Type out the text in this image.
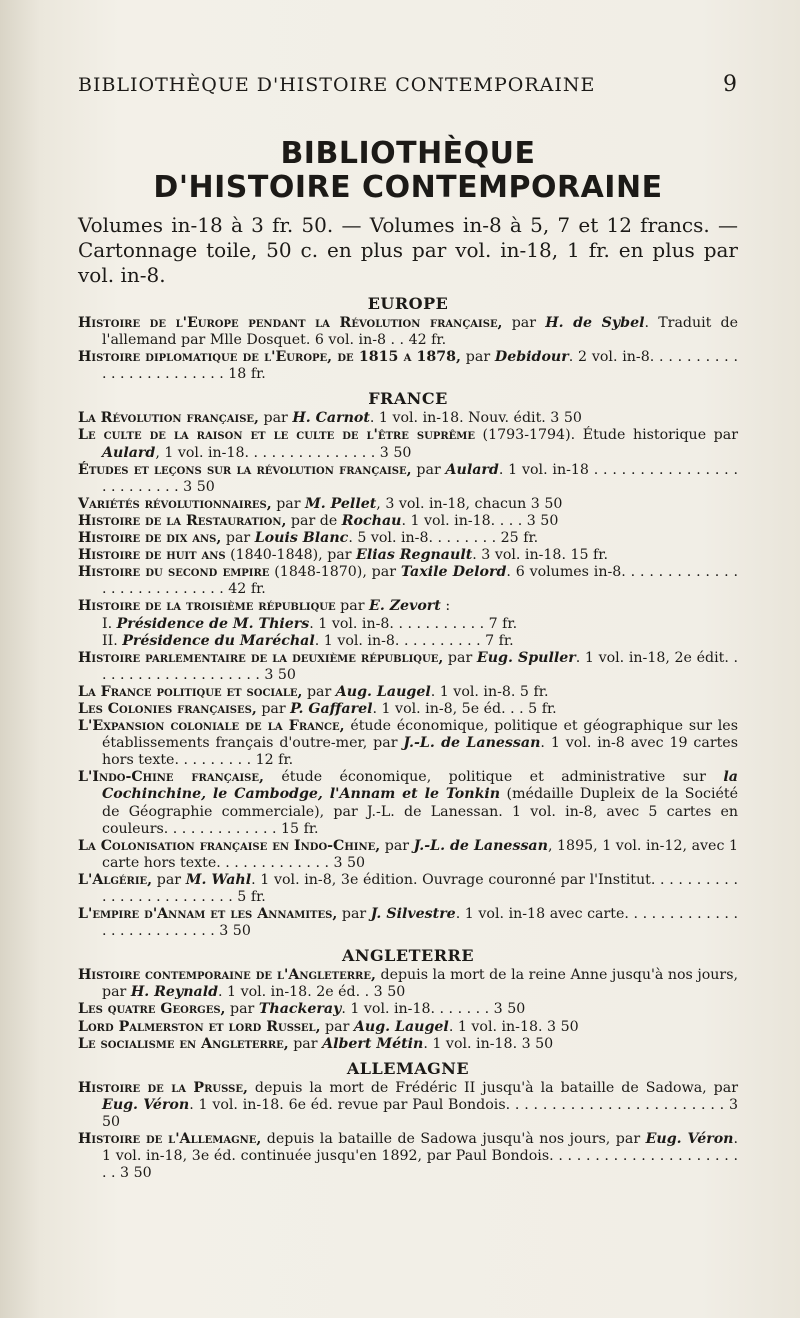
BIBLIOTHÈQUE D'HISTOIRE CONTEMPORAINE	9
BIBLIOTHÈQUE
D'HISTOIRE CONTEMPORAINE
Volumes in-18 à 3 fr. 50. — Volumes in-8 à 5, 7 et 12 francs. — Cartonnage toile, 50 c. en plus par vol. in-18, 1 fr. en plus par vol. in-8.
EUROPE
Histoire de l'Europe pendant la Révolution française, par H. de Sybel. Traduit de l'allemand par Mlle Dosquet. 6 vol. in-8 . . 42 fr.
Histoire diplomatique de l'Europe, de 1815 a 1878, par Debidour. 2 vol. in-8. . . . . . . . . . . . . . . . . . . . . . . . 18 fr.
FRANCE
La Révolution française, par H. Carnot. 1 vol. in-18. Nouv. édit. 3 50
Le culte de la raison et le culte de l'être suprême (1793-1794). Étude historique par Aulard, 1 vol. in-18. . . . . . . . . . . . . . . 3 50
Études et leçons sur la révolution française, par Aulard. 1 vol. in-18 . . . . . . . . . . . . . . . . . . . . . . . . . 3 50
Variétés révolutionnaires, par M. Pellet, 3 vol. in-18, chacun 3 50
Histoire de la Restauration, par de Rochau. 1 vol. in-18. . . . 3 50
Histoire de dix ans, par Louis Blanc. 5 vol. in-8. . . . . . . . 25 fr.
Histoire de huit ans (1840-1848), par Elias Regnault. 3 vol. in-18. 15 fr.
Histoire du second empire (1848-1870), par Taxile Delord. 6 volumes in-8. . . . . . . . . . . . . . . . . . . . . . . . . . . 42 fr.
Histoire de la troisième république par E. Zevort :
I. Présidence de M. Thiers. 1 vol. in-8. . . . . . . . . . . 7 fr.
II. Présidence du Maréchal. 1 vol. in-8. . . . . . . . . . 7 fr.
Histoire parlementaire de la deuxième république, par Eug. Spuller. 1 vol. in-18, 2e édit. . . . . . . . . . . . . . . . . . . . 3 50
La France politique et sociale, par Aug. Laugel. 1 vol. in-8. 5 fr.
Les Colonies françaises, par P. Gaffarel. 1 vol. in-8, 5e éd. . . 5 fr.
L'Expansion coloniale de la France, étude économique, politique et géographique sur les établissements français d'outre-mer, par J.-L. de Lanessan. 1 vol. in-8 avec 19 cartes hors texte. . . . . . . . . 12 fr.
L'Indo-Chine française, étude économique, politique et administrative sur la Cochinchine, le Cambodge, l'Annam et le Tonkin (médaille Dupleix de la Société de Géographie commerciale), par J.-L. de Lanessan. 1 vol. in-8, avec 5 cartes en couleurs. . . . . . . . . . . . . 15 fr.
La Colonisation française en Indo-Chine, par J.-L. de Lanessan, 1895, 1 vol. in-12, avec 1 carte hors texte. . . . . . . . . . . . . 3 50
L'Algérie, par M. Wahl. 1 vol. in-8, 3e édition. Ouvrage couronné par l'Institut. . . . . . . . . . . . . . . . . . . . . . . . . 5 fr.
L'empire d'Annam et les Annamites, par J. Silvestre. 1 vol. in-18 avec carte. . . . . . . . . . . . . . . . . . . . . . . . . . 3 50
ANGLETERRE
Histoire contemporaine de l'Angleterre, depuis la mort de la reine Anne jusqu'à nos jours, par H. Reynald. 1 vol. in-18. 2e éd. . 3 50
Les quatre Georges, par Thackeray. 1 vol. in-18. . . . . . . 3 50
Lord Palmerston et lord Russel, par Aug. Laugel. 1 vol. in-18. 3 50
Le socialisme en Angleterre, par Albert Métin. 1 vol. in-18. 3 50
ALLEMAGNE
Histoire de la Prusse, depuis la mort de Frédéric II jusqu'à la bataille de Sadowa, par Eug. Véron. 1 vol. in-18. 6e éd. revue par Paul Bondois. . . . . . . . . . . . . . . . . . . . . . . . 3 50
Histoire de l'Allemagne, depuis la bataille de Sadowa jusqu'à nos jours, par Eug. Véron. 1 vol. in-18, 3e éd. continuée jusqu'en 1892, par Paul Bondois. . . . . . . . . . . . . . . . . . . . . . . 3 50
